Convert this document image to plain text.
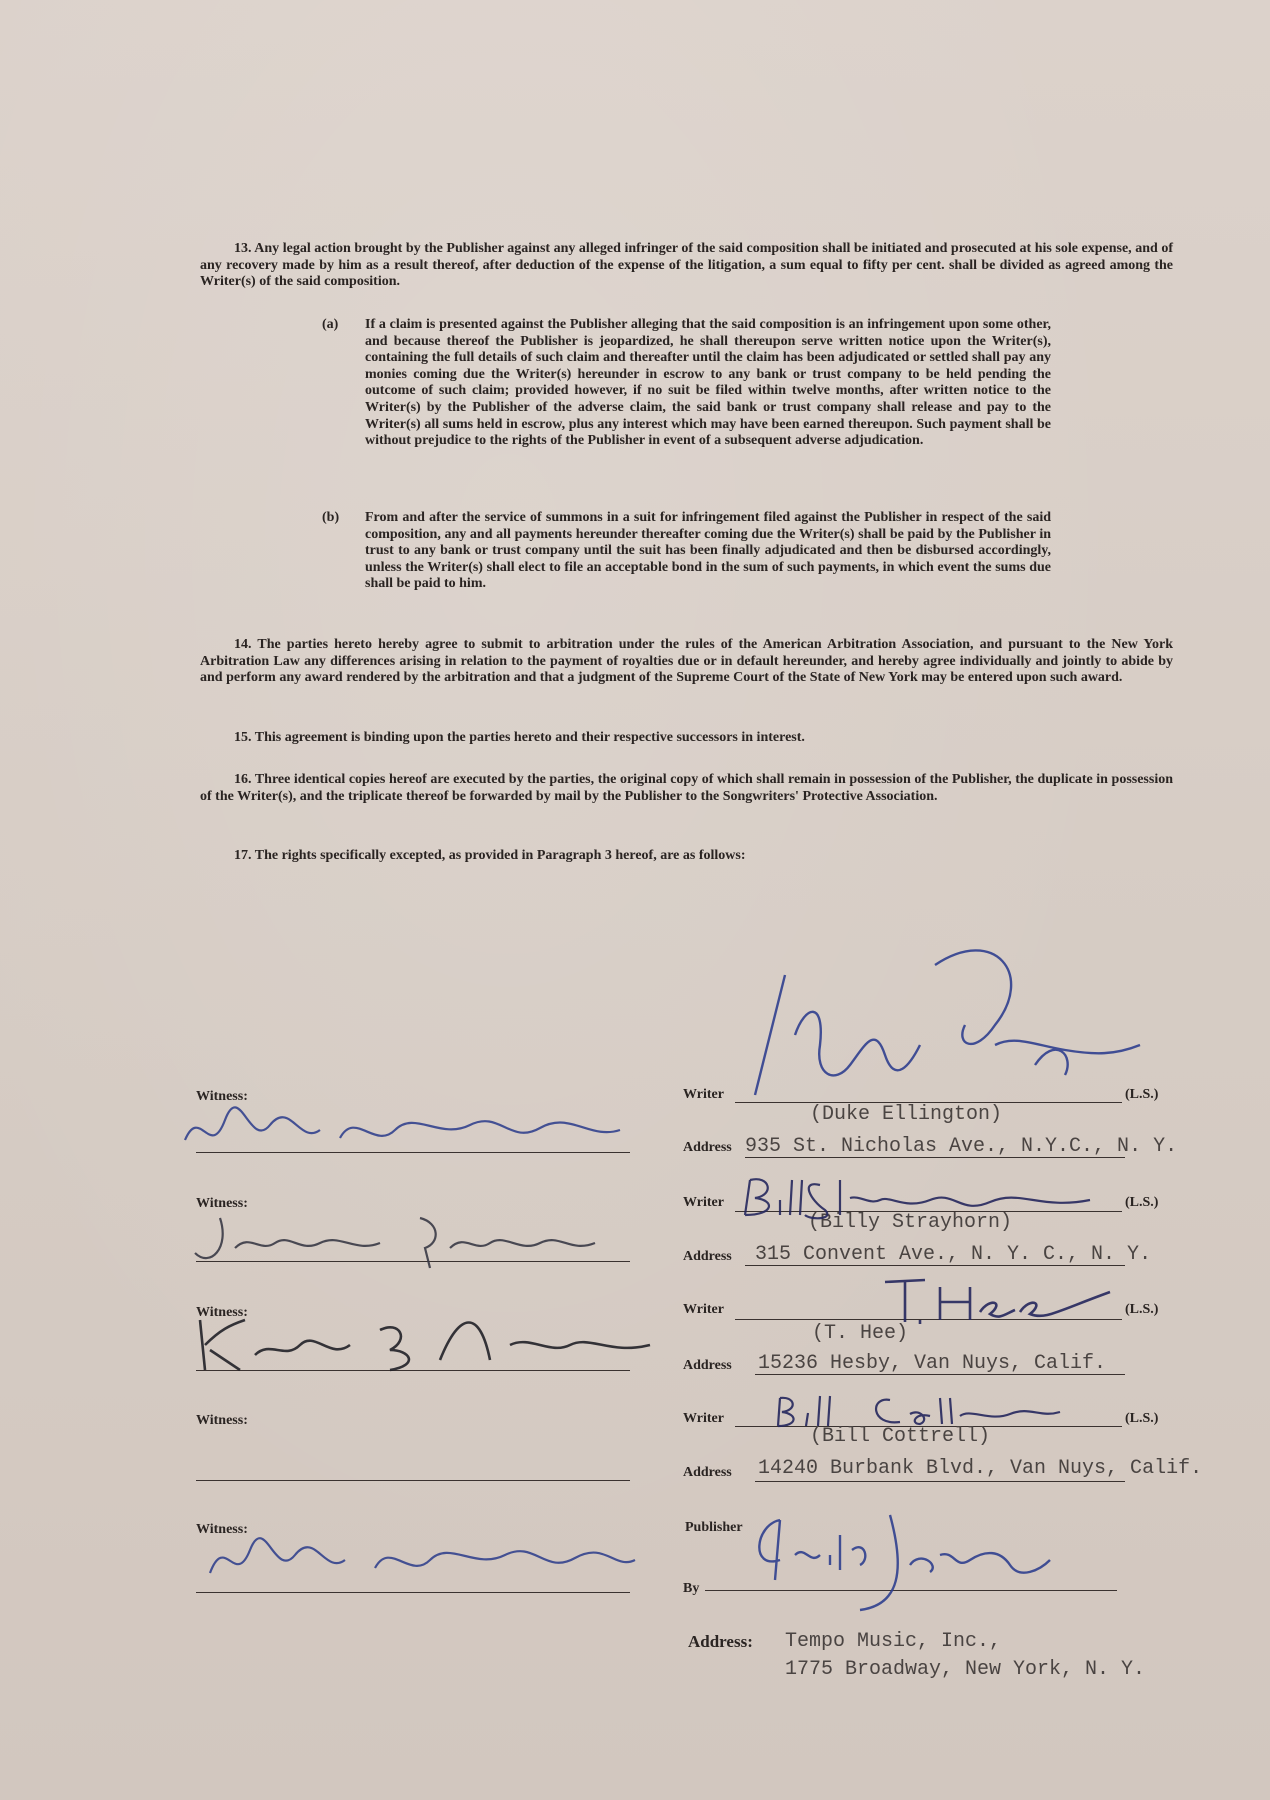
13. Any legal action brought by the Publisher against any alleged infringer of the said composition shall be initiated and prosecuted at his sole expense, and of any recovery made by him as a result thereof, after deduction of the expense of the litigation, a sum equal to fifty per cent. shall be divided as agreed among the Writer(s) of the said composition.

(a) If a claim is presented against the Publisher alleging that the said composition is an infringement upon some other, and because thereof the Publisher is jeopardized, he shall thereupon serve written notice upon the Writer(s), containing the full details of such claim and thereafter until the claim has been adjudicated or settled shall pay any monies coming due the Writer(s) hereunder in escrow to any bank or trust company to be held pending the outcome of such claim; provided however, if no suit be filed within twelve months, after written notice to the Writer(s) by the Publisher of the adverse claim, the said bank or trust company shall release and pay to the Writer(s) all sums held in escrow, plus any interest which may have been earned thereupon. Such payment shall be without prejudice to the rights of the Publisher in event of a subsequent adverse adjudication.

(b) From and after the service of summons in a suit for infringement filed against the Publisher in respect of the said composition, any and all payments hereunder thereafter coming due the Writer(s) shall be paid by the Publisher in trust to any bank or trust company until the suit has been finally adjudicated and then be disbursed accordingly, unless the Writer(s) shall elect to file an acceptable bond in the sum of such payments, in which event the sums due shall be paid to him.

14. The parties hereto hereby agree to submit to arbitration under the rules of the American Arbitration Association, and pursuant to the New York Arbitration Law any differences arising in relation to the payment of royalties due or in default hereunder, and hereby agree individually and jointly to abide by and perform any award rendered by the arbitration and that a judgment of the Supreme Court of the State of New York may be entered upon such award.

15. This agreement is binding upon the parties hereto and their respective successors in interest.

16. Three identical copies hereof are executed by the parties, the original copy of which shall remain in possession of the Publisher, the duplicate in possession of the Writer(s), and the triplicate thereof be forwarded by mail by the Publisher to the Songwriters' Protective Association.

17. The rights specifically excepted, as provided in Paragraph 3 hereof, are as follows:

Witness:
Witness:
Witness:
Witness:
Witness:
Writer	(L.S.)
(Duke Ellington)
Address 935 St. Nicholas Ave., N.Y.C., N. Y.
Writer	(L.S.)
(Billy Strayhorn)
Address 315 Convent Ave., N. Y. C., N. Y.
Writer	(L.S.)
(T. Hee)
Address 15236 Hesby, Van Nuys, Calif.
Writer	(L.S.)
(Bill Cottrell)
Address 14240 Burbank Blvd., Van Nuys, Calif.
Publisher
By
Address: Tempo Music, Inc.,
1775 Broadway, New York, N. Y.
